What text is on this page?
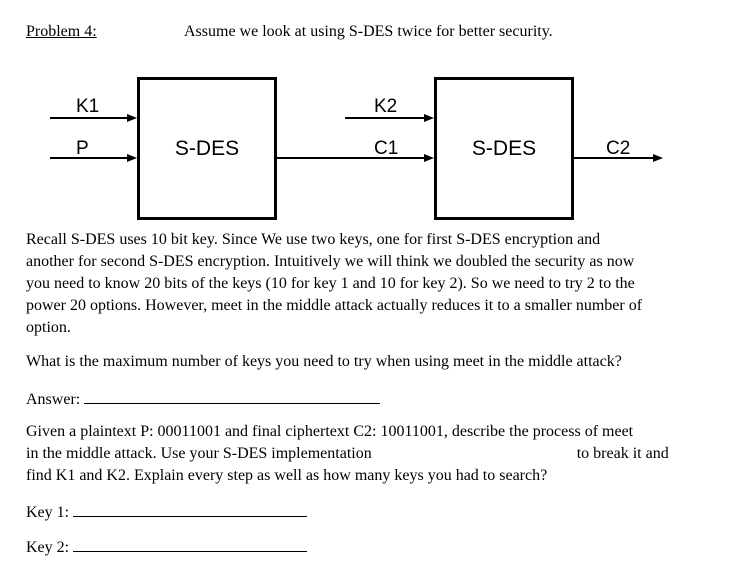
Problem 4:	Assume we look at using S-DES twice for better security.
S-DES	S-DES
K1
P
K2
C1	C2
Recall S-DES uses 10 bit key. Since We use two keys, one for first S-DES encryption and
another for second S-DES encryption. Intuitively we will think we doubled the security as now
you need to know 20 bits of the keys (10 for key 1 and 10 for key 2). So we need to try 2 to the
power 20 options. However, meet in the middle attack actually reduces it to a smaller number of
option.
What is the maximum number of keys you need to try when using meet in the middle attack?
Answer:
Given a plaintext P: 00011001 and final ciphertext C2: 10011001, describe the process of meet
in the middle attack. Use your S-DES implementation	to break it and
find K1 and K2. Explain every step as well as how many keys you had to search?
Key 1:
Key 2:
